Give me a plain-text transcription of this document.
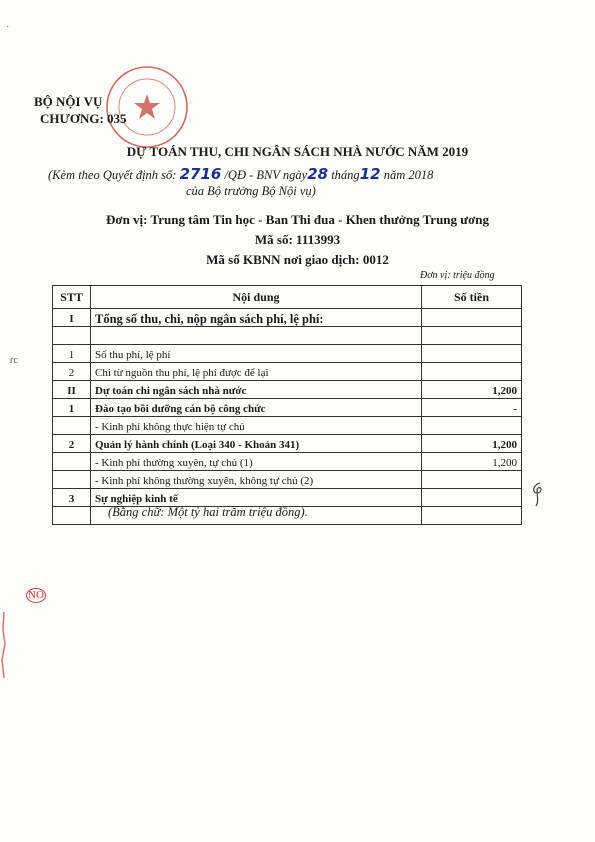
·
BỘ NỘI VỤ
CHƯƠNG: 035
DỰ TOÁN THU, CHI NGÂN SÁCH NHÀ NƯỚC NĂM 2019
(Kèm theo Quyết định số: 2716 /QĐ - BNV ngày28 tháng12 năm 2018
của Bộ trưởng Bộ Nội vụ)
Đơn vị: Trung tâm Tin học - Ban Thi đua - Khen thưởng Trung ương
Mã số: 1113993
Mã số KBNN nơi giao dịch: 0012
Đơn vị: triệu đồng
STT	Nội dung	Số tiền
I	Tổng số thu, chi, nộp ngân sách phí, lệ phí:	

1	Số thu phí, lệ phí	
2	Chi từ nguồn thu phí, lệ phí được để lại	
II	Dự toán chi ngân sách nhà nước	1,200
1	Đào tạo bồi dưỡng cán bộ công chức	-
	- Kinh phí không thực hiện tự chủ	
2	Quản lý hành chính (Loại 340 - Khoản 341)	1,200
	- Kinh phí thường xuyên, tự chủ (1)	1,200
	- Kinh phí không thường xuyên, không tự chủ (2)	
3	Sự nghiệp kinh tế	

(Bằng chữ: Một tỷ hai trăm triệu đồng).
rc
NO
